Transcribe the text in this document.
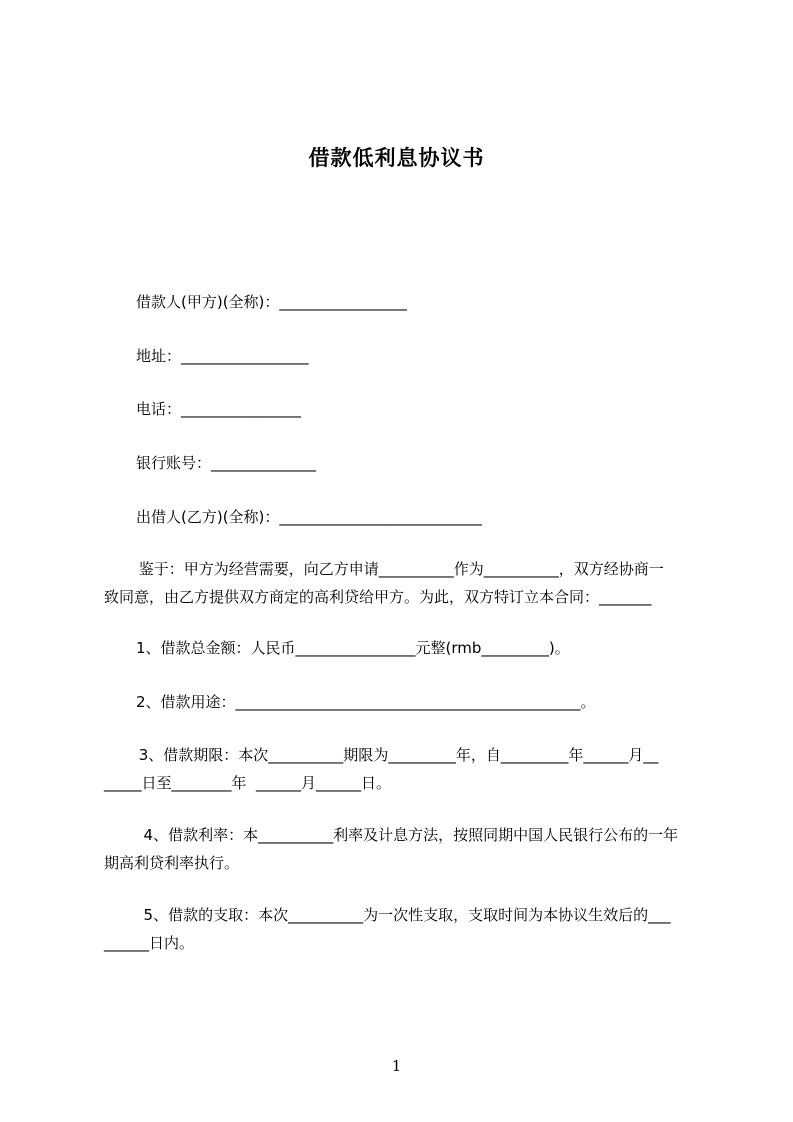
借款低利息协议书
借款人(甲方)(全称)：_________________
地址：_________________
电话：________________
银行账号：______________
出借人(乙方)(全称)：___________________________
鉴于：甲方为经营需要，向乙方申请__________作为__________，双方经协商一
致同意，由乙方提供双方商定的高利贷给甲方。为此，双方特订立本合同：_______
1、借款总金额：人民币________________元整(rmb_________)。
2、借款用途：______________________________________________。
3、借款期限：本次__________期限为_________年，自_________年______月__
_____日至________年  ______月______日。
4、借款利率：本__________利率及计息方法，按照同期中国人民银行公布的一年
期高利贷利率执行。
5、借款的支取：本次__________为一次性支取，支取时间为本协议生效后的___
______日内。
1
